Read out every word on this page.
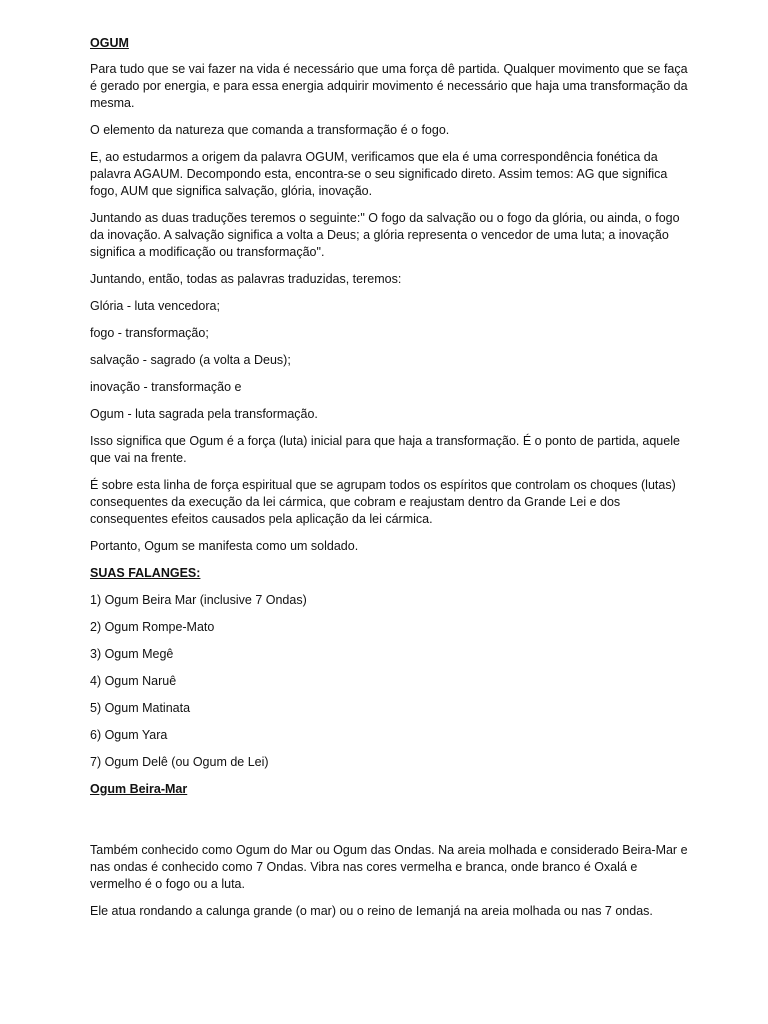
OGUM

Para tudo que se vai fazer na vida é necessário que uma força dê partida. Qualquer movimento que se faça é gerado por energia, e para essa energia adquirir movimento é necessário que haja uma transformação da mesma.

O elemento da natureza que comanda a transformação é o fogo.

E, ao estudarmos a origem da palavra OGUM, verificamos que ela é uma correspondência fonética da palavra AGAUM. Decompondo esta, encontra-se o seu significado direto. Assim temos: AG que significa fogo, AUM que significa salvação, glória, inovação.

Juntando as duas traduções teremos o seguinte:" O fogo da salvação ou o fogo da glória, ou ainda, o fogo da inovação. A salvação significa a volta a Deus; a glória representa o vencedor de uma luta; a inovação significa a modificação ou transformação".

Juntando, então, todas as palavras traduzidas, teremos:

Glória - luta vencedora;

fogo - transformação;

salvação - sagrado (a volta a Deus);

inovação - transformação e

Ogum - luta sagrada pela transformação.

Isso significa que Ogum é a força (luta) inicial para que haja a transformação. É o ponto de partida, aquele que vai na frente.

É sobre esta linha de força espiritual que se agrupam todos os espíritos que controlam os choques (lutas) consequentes da execução da lei cármica, que cobram e reajustam dentro da Grande Lei e dos consequentes efeitos causados pela aplicação da lei cármica.

Portanto, Ogum se manifesta como um soldado.

SUAS FALANGES:

1) Ogum Beira Mar (inclusive 7 Ondas)

2) Ogum Rompe-Mato

3) Ogum Megê

4) Ogum Naruê

5) Ogum Matinata

6) Ogum Yara

7) Ogum Delê (ou Ogum de Lei)

Ogum Beira-Mar

Também conhecido como Ogum do Mar ou Ogum das Ondas. Na areia molhada e considerado Beira-Mar e nas ondas é conhecido como 7 Ondas. Vibra nas cores vermelha e branca, onde branco é Oxalá e vermelho é o fogo ou a luta.

Ele atua rondando a calunga grande (o mar) ou o reino de Iemanjá na areia molhada ou nas 7 ondas.
